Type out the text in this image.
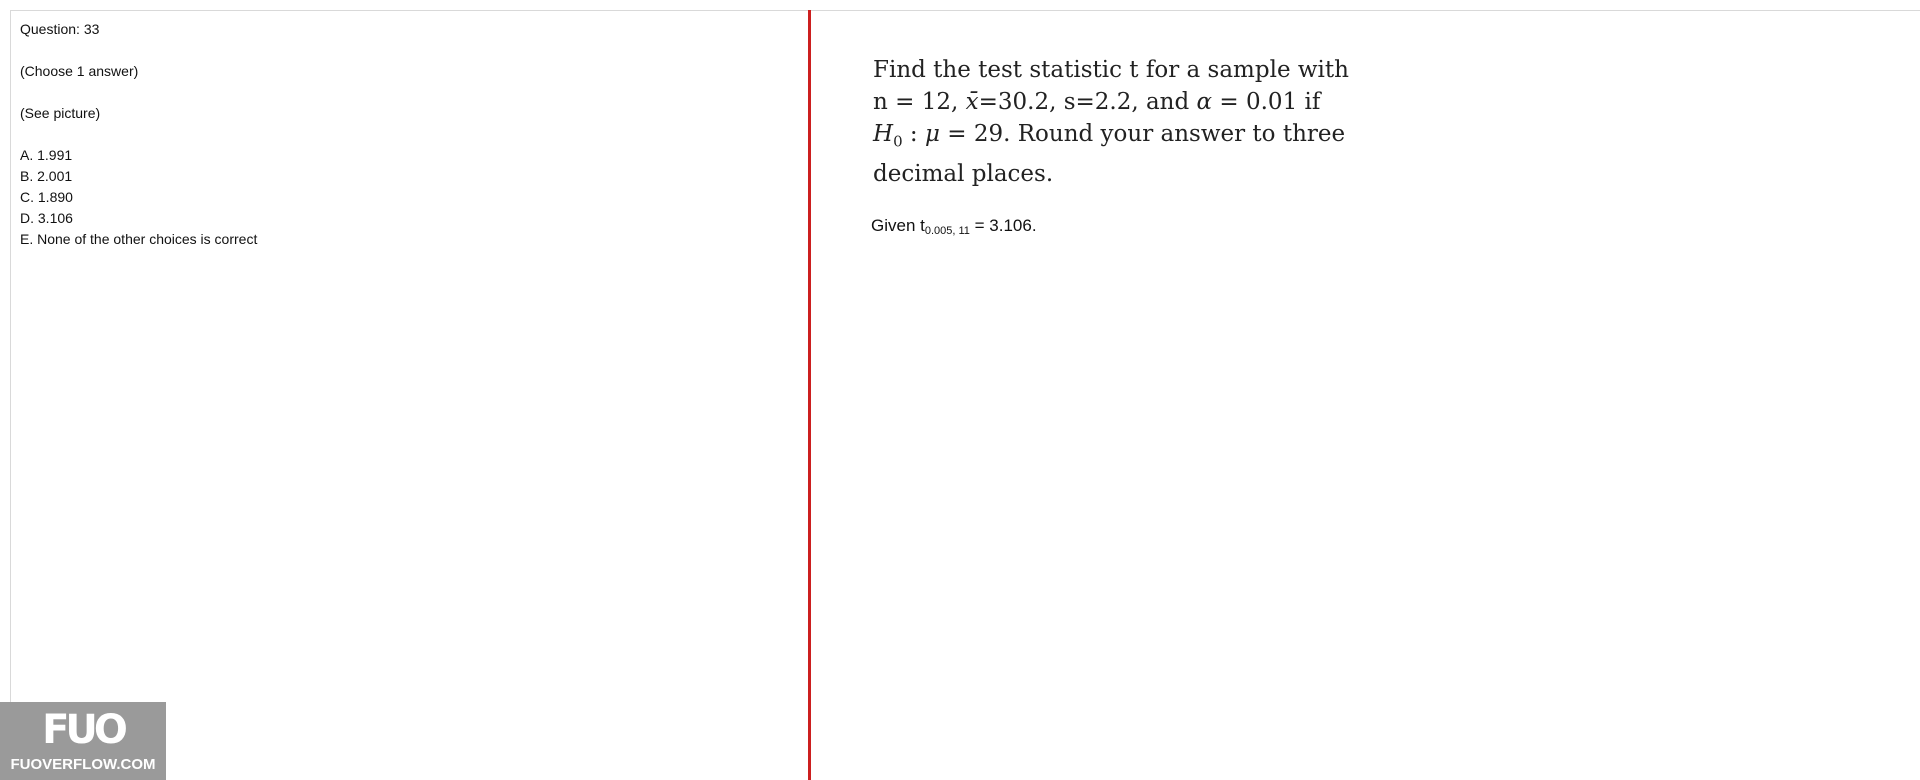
Question: 33
(Choose 1 answer)
(See picture)
A. 1.991
B. 2.001
C. 1.890
D. 3.106
E. None of the other choices is correct
Find the test statistic t for a sample with
n = 12, x̄=30.2, s=2.2, and α = 0.01 if
$H_0$ : μ = 29. Round your answer to three
decimal places.
Given $t_{0.005, 11} = 3.106$.
FUO
FUOVERFLOW.COM
